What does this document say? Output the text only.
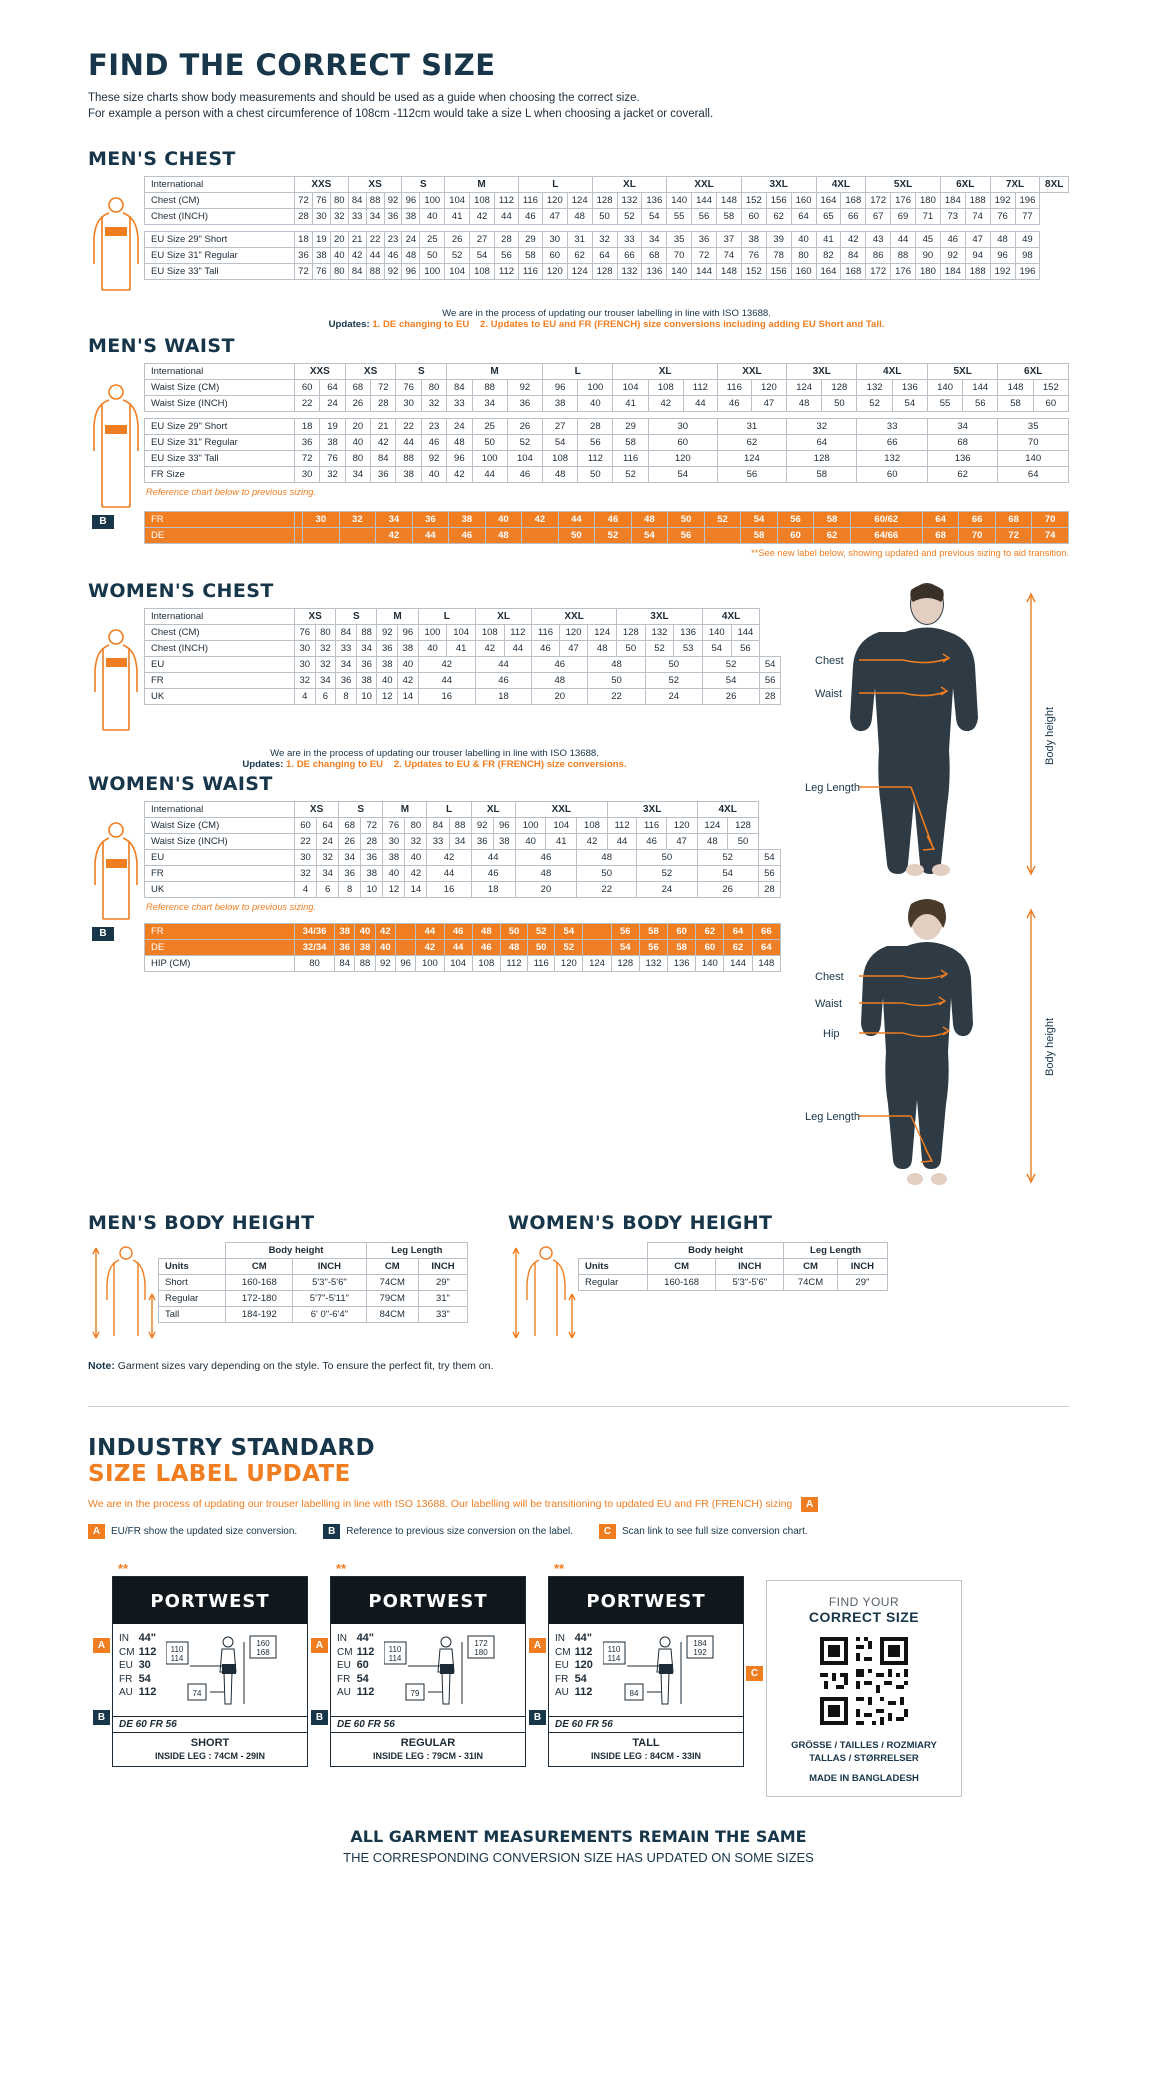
FIND THE CORRECT SIZE
These size charts show body measurements and should be used as a guide when choosing the correct size.
For example a person with a chest circumference of 108cm -112cm would take a size L when choosing a jacket or coverall.
MEN'S CHEST
International	XXS			XS			S		M			L			XL			XXL			3XL			4XL		5XL			6XL		7XL		8XL
Chest (CM)	72	76	80	84	88	92	96	100	104	108	112	116	120	124	128	132	136	140	144	148	152	156	160	164	168	172	176	180	184	188	192	196	
Chest (INCH)	28	30	32	33	34	36	38	40	41	42	44	46	47	48	50	52	54	55	56	58	60	62	64	65	66	67	69	71	73	74	76	77	

EU Size 29" Short	18	19	20	21	22	23	24	25	26	27	28	29	30	31	32	33	34	35	36	37	38	39	40	41	42	43	44	45	46	47	48	49	
EU Size 31" Regular	36	38	40	42	44	46	48	50	52	54	56	58	60	62	64	66	68	70	72	74	76	78	80	82	84	86	88	90	92	94	96	98	
EU Size 33" Tall	72	76	80	84	88	92	96	100	104	108	112	116	120	124	128	132	136	140	144	148	152	156	160	164	168	172	176	180	184	188	192	196	
We are in the process of updating our trouser labelling in line with ISO 13688.
Updates: 1. DE changing to EU 2. Updates to EU and FR (FRENCH) size conversions including adding EU Short and Tall.
MEN'S WAIST
International	XXS		XS		S		M			L		XL			XXL		3XL		4XL		5XL		6XL	
Waist Size (CM)	60	64	68	72	76	80	84	88	92	96	100	104	108	112	116	120	124	128	132	136	140	144	148	152
Waist Size (INCH)	22	24	26	28	30	32	33	34	36	38	40	41	42	44	46	47	48	50	52	54	55	56	58	60

EU Size 29" Short	18	19	20	21	22	23	24	25	26	27	28	29	30		31		32		33		34		35	
EU Size 31" Regular	36	38	40	42	44	46	48	50	52	54	56	58	60		62		64		66		68		70	
EU Size 33" Tall	72	76	80	84	88	92	96	100	104	108	112	116	120		124		128		132		136		140	
FR Size	30	32	34	36	38	40	42	44	46	48	50	52	54		56		58		60		62		64	
Reference chart below to previous sizing.
B	FR		30	32	34	36	38	40	42	44	46	48	50	52	54	56	58	60/62	64	66	68	70
DE				42	44	46	48		50	52	54	56		58	60	62	64/66	68	70	72	74
**See new label below, showing updated and previous sizing to aid transition.
WOMEN'S CHEST
International	XS		S		M		L		XL		XXL			3XL			4XL		
Chest (CM)	76	80	84	88	92	96	100	104	108	112	116	120	124	128	132	136	140	144	
Chest (INCH)	30	32	33	34	36	38	40	41	42	44	46	47	48	50	52	53	54	56	
EU	30	32	34	36	38	40	42		44		46		48		50		52		54
FR	32	34	36	38	40	42	44		46		48		50		52		54		56
UK	4	6	8	10	12	14	16		18		20		22		24		26		28
We are in the process of updating our trouser labelling in line with ISO 13688.
Updates: 1. DE changing to EU 2. Updates to EU & FR (FRENCH) size conversions.
WOMEN'S WAIST
International	XS		S		M		L		XL		XXL			3XL			4XL		
Waist Size (CM)	60	64	68	72	76	80	84	88	92	96	100	104	108	112	116	120	124	128	
Waist Size (INCH)	22	24	26	28	30	32	33	34	36	38	40	41	42	44	46	47	48	50	
EU	30	32	34	36	38	40	42		44		46		48		50		52		54
FR	32	34	36	38	40	42	44		46		48		50		52		54		56
UK	4	6	8	10	12	14	16		18		20		22		24		26		28
Reference chart below to previous sizing.
B	FR	34/36	38	40	42		44	46	48	50	52	54		56	58	60	62	64	66
DE	32/34	36	38	40		42	44	46	48	50	52		54	56	58	60	62	64
HIP (CM)	80	84	88	92	96	100	104	108	112	116	120	124	128	132	136	140	144	148
Chest
Waist
Leg Length
Body height
Chest
Waist
Hip
Leg Length
Body height
MEN'S BODY HEIGHT
	Body height		Leg Length	
Units	CM	INCH	CM	INCH
Short	160-168	5'3"-5'6"	74CM	29"
Regular	172-180	5'7"-5'11"	79CM	31"
Tall	184-192	6' 0"-6'4"	84CM	33"
WOMEN'S BODY HEIGHT
	Body height		Leg Length	
Units	CM	INCH	CM	INCH
Regular	160-168	5'3"-5'6"	74CM	29"
Note: Garment sizes vary depending on the style. To ensure the perfect fit, try them on.
INDUSTRY STANDARD
SIZE LABEL UPDATE
We are in the process of updating our trouser labelling in line with ISO 13688. Our labelling will be transitioning to updated EU and FR (FRENCH) sizing A
A	EU/FR show the updated size conversion.	B	Reference to previous size conversion on the label.	C	Scan link to see full size conversion chart.
**
PORTWEST
A
IN	44"
CM	112
EU	30
FR	54
AU	112
110
114
160
168
74
B
DE 60 FR 56
SHORT
INSIDE LEG : 74CM - 29IN
**
PORTWEST
A
IN	44"
CM	112
EU	60
FR	54
AU	112
110
114
172
180
79
B
DE 60 FR 56
REGULAR
INSIDE LEG : 79CM - 31IN
**
PORTWEST
A
IN	44"
CM	112
EU	120
FR	54
AU	112
110
114
184
192
84
B
DE 60 FR 56
TALL
INSIDE LEG : 84CM - 33IN
C
FIND YOUR
CORRECT SIZE
GRÖSSE / TAILLES / ROZMIARY
TALLAS / STØRRELSER
MADE IN BANGLADESH
ALL GARMENT MEASUREMENTS REMAIN THE SAME
THE CORRESPONDING CONVERSION SIZE HAS UPDATED ON SOME SIZES
